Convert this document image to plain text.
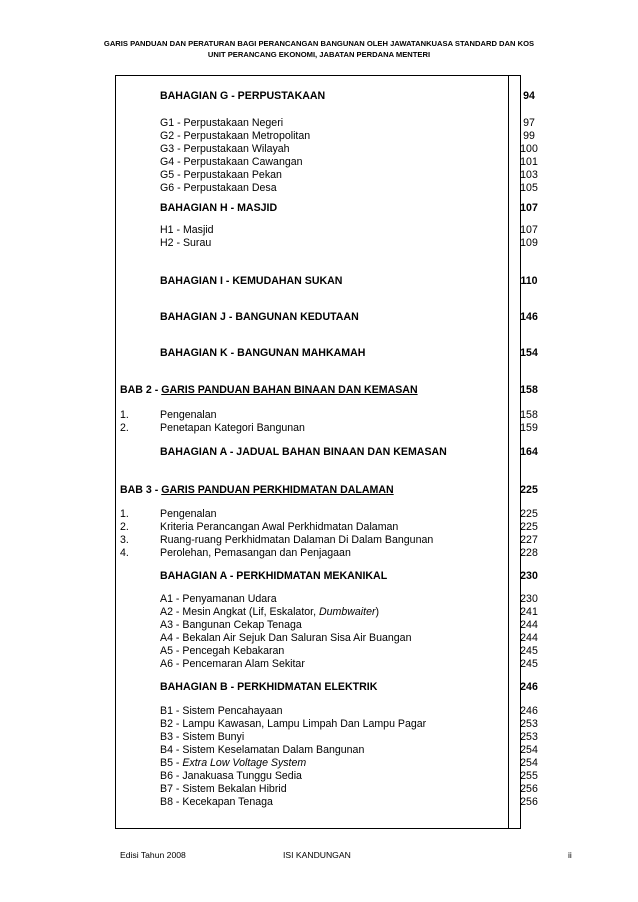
GARIS PANDUAN DAN PERATURAN BAGI PERANCANGAN BANGUNAN OLEH JAWATANKUASA STANDARD DAN KOS
UNIT PERANCANG EKONOMI, JABATAN PERDANA MENTERI
BAHAGIAN G - PERPUSTAKAAN	94
G1 - Perpustakaan Negeri	97
G2 - Perpustakaan Metropolitan	99
G3 - Perpustakaan Wilayah	100
G4 - Perpustakaan Cawangan	101
G5 - Perpustakaan Pekan	103
G6 - Perpustakaan Desa	105
BAHAGIAN H - MASJID	107
H1 - Masjid	107
H2 - Surau	109
BAHAGIAN I - KEMUDAHAN SUKAN	110
BAHAGIAN J - BANGUNAN KEDUTAAN	146
BAHAGIAN K - BANGUNAN MAHKAMAH	154
BAB 2 - GARIS PANDUAN BAHAN BINAAN DAN KEMASAN	158
1.	Pengenalan	158
2.	Penetapan Kategori Bangunan	159
BAHAGIAN A - JADUAL BAHAN BINAAN DAN KEMASAN	164
BAB 3 - GARIS PANDUAN PERKHIDMATAN DALAMAN	225
1.	Pengenalan	225
2.	Kriteria Perancangan Awal Perkhidmatan Dalaman	225
3.	Ruang-ruang Perkhidmatan Dalaman Di Dalam Bangunan	227
4.	Perolehan, Pemasangan dan Penjagaan	228
BAHAGIAN A - PERKHIDMATAN MEKANIKAL	230
A1 - Penyamanan Udara	230
A2 - Mesin Angkat (Lif, Eskalator, Dumbwaiter)	241
A3 - Bangunan Cekap Tenaga	244
A4 - Bekalan Air Sejuk Dan Saluran Sisa Air Buangan	244
A5 - Pencegah Kebakaran	245
A6 - Pencemaran Alam Sekitar	245
BAHAGIAN B - PERKHIDMATAN ELEKTRIK	246
B1 - Sistem Pencahayaan	246
B2 - Lampu Kawasan, Lampu Limpah Dan Lampu Pagar	253
B3 - Sistem Bunyi	253
B4 - Sistem Keselamatan Dalam Bangunan	254
B5 - Extra Low Voltage System	254
B6 - Janakuasa Tunggu Sedia	255
B7 - Sistem Bekalan Hibrid	256
B8 - Kecekapan Tenaga	256
Edisi Tahun 2008	ISI KANDUNGAN	ii
